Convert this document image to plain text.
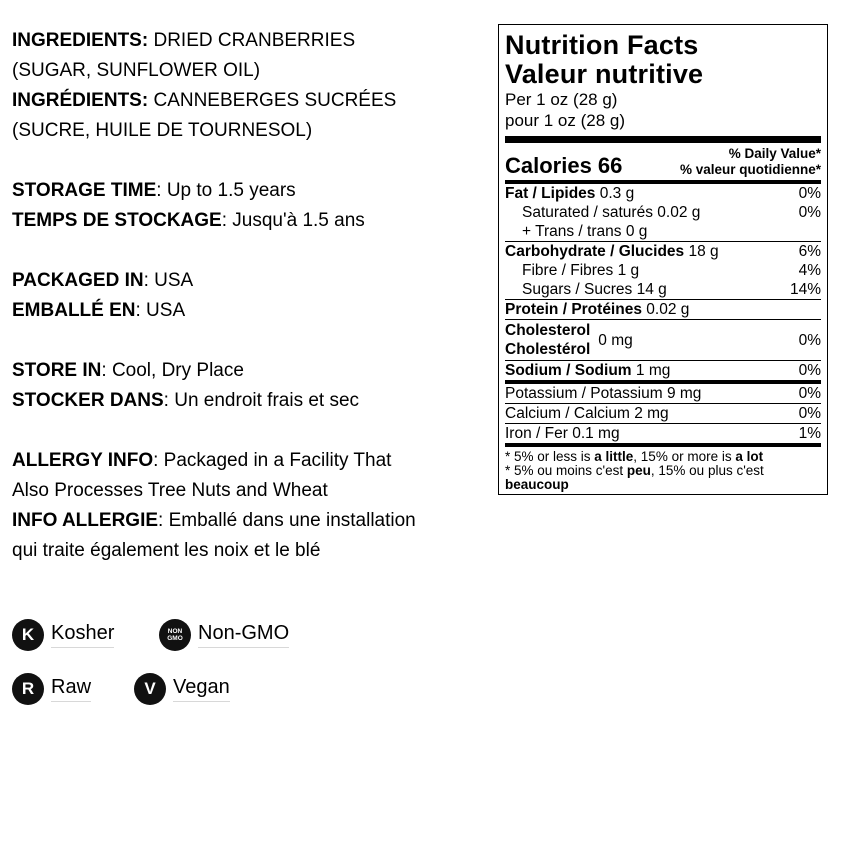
INGREDIENTS: DRIED CRANBERRIES
(SUGAR, SUNFLOWER OIL)
INGRÉDIENTS: CANNEBERGES SUCRÉES
(SUCRE, HUILE DE TOURNESOL)
STORAGE TIME: Up to 1.5 years
TEMPS DE STOCKAGE: Jusqu'à 1.5 ans
PACKAGED IN: USA
EMBALLÉ EN: USA
STORE IN: Cool, Dry Place
STOCKER DANS: Un endroit frais et sec
ALLERGY INFO: Packaged in a Facility That
Also Processes Tree Nuts and Wheat
INFO ALLERGIE: Emballé dans une installation
qui traite également les noix et le blé
K Kosher	NON
GMO Non-GMO
R Raw	V Vegan
Nutrition Facts
Valeur nutritive
Per 1 oz (28 g)
pour 1 oz (28 g)
Calories 66	% Daily Value*
% valeur quotidienne*
Fat / Lipides 0.3 g	0%
Saturated / saturés 0.02 g	0%
+ Trans / trans 0 g
Carbohydrate / Glucides 18 g	6%
Fibre / Fibres 1 g	4%
Sugars / Sucres 14 g	14%
Protein / Protéines 0.02 g
Cholesterol
Cholestérol
0 mg	0%
Sodium / Sodium 1 mg	0%
Potassium / Potassium 9 mg	0%
Calcium / Calcium 2 mg	0%
Iron / Fer 0.1 mg	1%
* 5% or less is a little, 15% or more is a lot
* 5% ou moins c'est peu, 15% ou plus c'est
beaucoup
